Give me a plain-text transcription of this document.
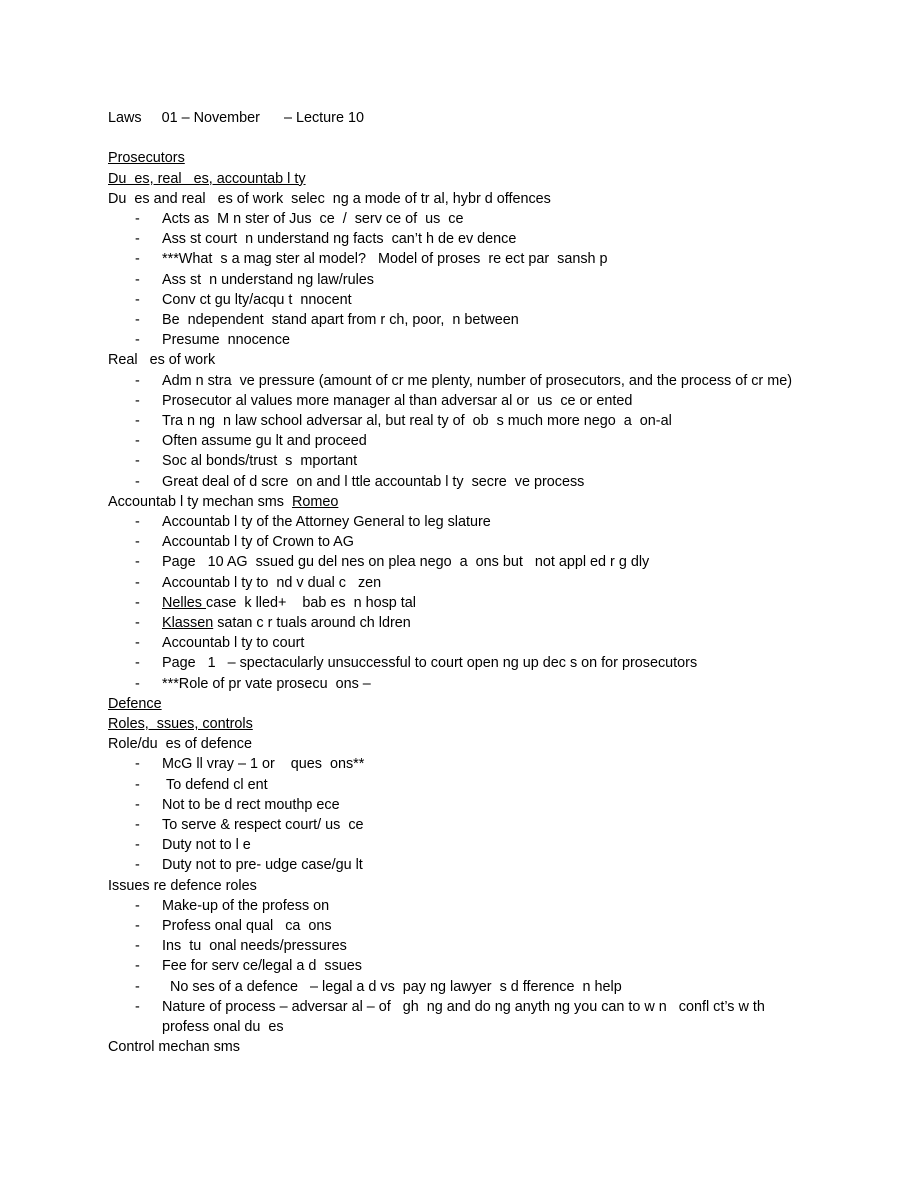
Laws     01 – November      – Lecture 10
Prosecutors
Du  es, real   es, accountab l ty
Du  es and real   es of work  selec  ng a mode of tr al, hybr d offences
- Acts as  M n ster of Jus  ce  /  serv ce of  us  ce
- Ass st court  n understand ng facts  can’t h de ev dence
- ***What  s a mag ster al model?   Model of proses  re ect par  sansh p
- Ass st  n understand ng law/rules
- Conv ct gu lty/acqu t  nnocent
- Be  ndependent  stand apart from r ch, poor,  n between
- Presume  nnocence
Real   es of work
- Adm n stra  ve pressure (amount of cr me plenty, number of prosecutors, and the process of cr me)
- Prosecutor al values more manager al than adversar al or  us  ce or ented
- Tra n ng  n law school adversar al, but real ty of  ob  s much more nego  a  on-al
- Often assume gu lt and proceed
- Soc al bonds/trust  s  mportant
- Great deal of d scre  on and l ttle accountab l ty  secre  ve process
Accountab l ty mechan sms  Romeo
- Accountab l ty of the Attorney General to leg slature
- Accountab l ty of Crown to AG
- Page   10 AG  ssued gu del nes on plea nego  a  ons but   not appl ed r g dly
- Accountab l ty to  nd v dual c   zen
- Nelles case  k lled+    bab es  n hosp tal
- Klassen satan c r tuals around ch ldren
- Accountab l ty to court
- Page   1   – spectacularly unsuccessful to court open ng up dec s on for prosecutors
- ***Role of pr vate prosecu  ons –
Defence
Roles,  ssues, controls
Role/du  es of defence
- McG ll vray – 1 or    ques  ons**
- To defend cl ent
- Not to be d rect mouthp ece
- To serve & respect court/ us  ce
- Duty not to l e
- Duty not to pre- udge case/gu lt
Issues re defence roles
- Make-up of the profess on
- Profess onal qual   ca  ons
- Ins  tu  onal needs/pressures
- Fee for serv ce/legal a d  ssues
- No ses of a defence   – legal a d vs  pay ng lawyer  s d fference  n help
- Nature of process – adversar al – of   gh  ng and do ng anyth ng you can to w n   confl ct’s w th profess onal du  es
Control mechan sms
